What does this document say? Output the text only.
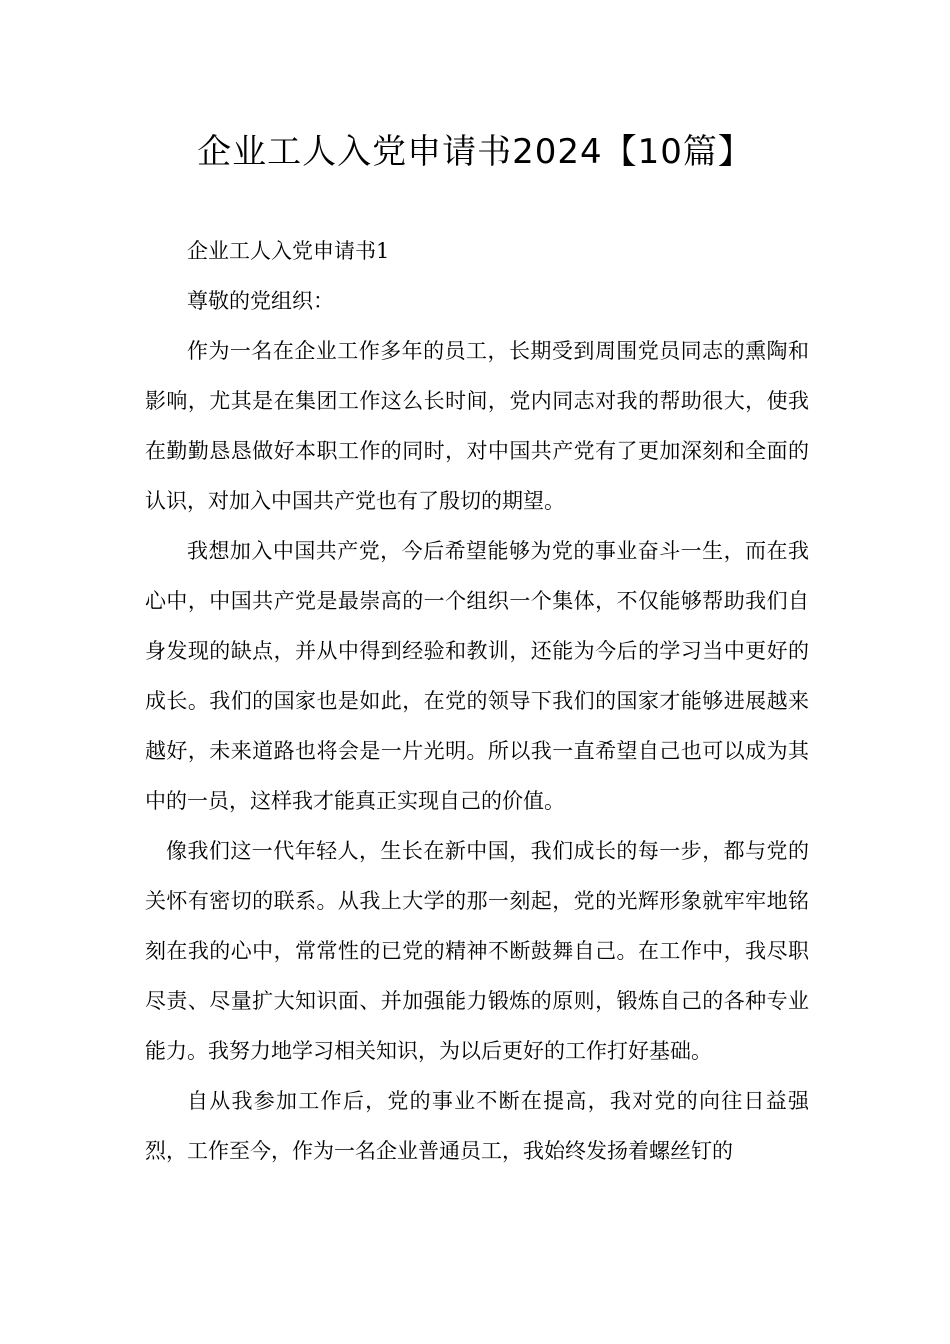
企业工人入党申请书2024【10篇】

企业工人入党申请书1

尊敬的党组织：

作为一名在企业工作多年的员工，长期受到周围党员同志的熏陶和影响，尤其是在集团工作这么长时间，党内同志对我的帮助很大，使我在勤勤恳恳做好本职工作的同时，对中国共产党有了更加深刻和全面的认识，对加入中国共产党也有了殷切的期望。

我想加入中国共产党，今后希望能够为党的事业奋斗一生，而在我心中，中国共产党是最崇高的一个组织一个集体，不仅能够帮助我们自身发现的缺点，并从中得到经验和教训，还能为今后的学习当中更好的成长。我们的国家也是如此，在党的领导下我们的国家才能够进展越来越好，未来道路也将会是一片光明。所以我一直希望自己也可以成为其中的一员，这样我才能真正实现自己的价值。

像我们这一代年轻人，生长在新中国，我们成长的每一步，都与党的关怀有密切的联系。从我上大学的那一刻起，党的光辉形象就牢牢地铭刻在我的心中，常常性的已党的精神不断鼓舞自己。在工作中，我尽职尽责、尽量扩大知识面、并加强能力锻炼的原则，锻炼自己的各种专业能力。我努力地学习相关知识，为以后更好的工作打好基础。

自从我参加工作后，党的事业不断在提高，我对党的向往日益强烈，工作至今，作为一名企业普通员工，我始终发扬着螺丝钉的
